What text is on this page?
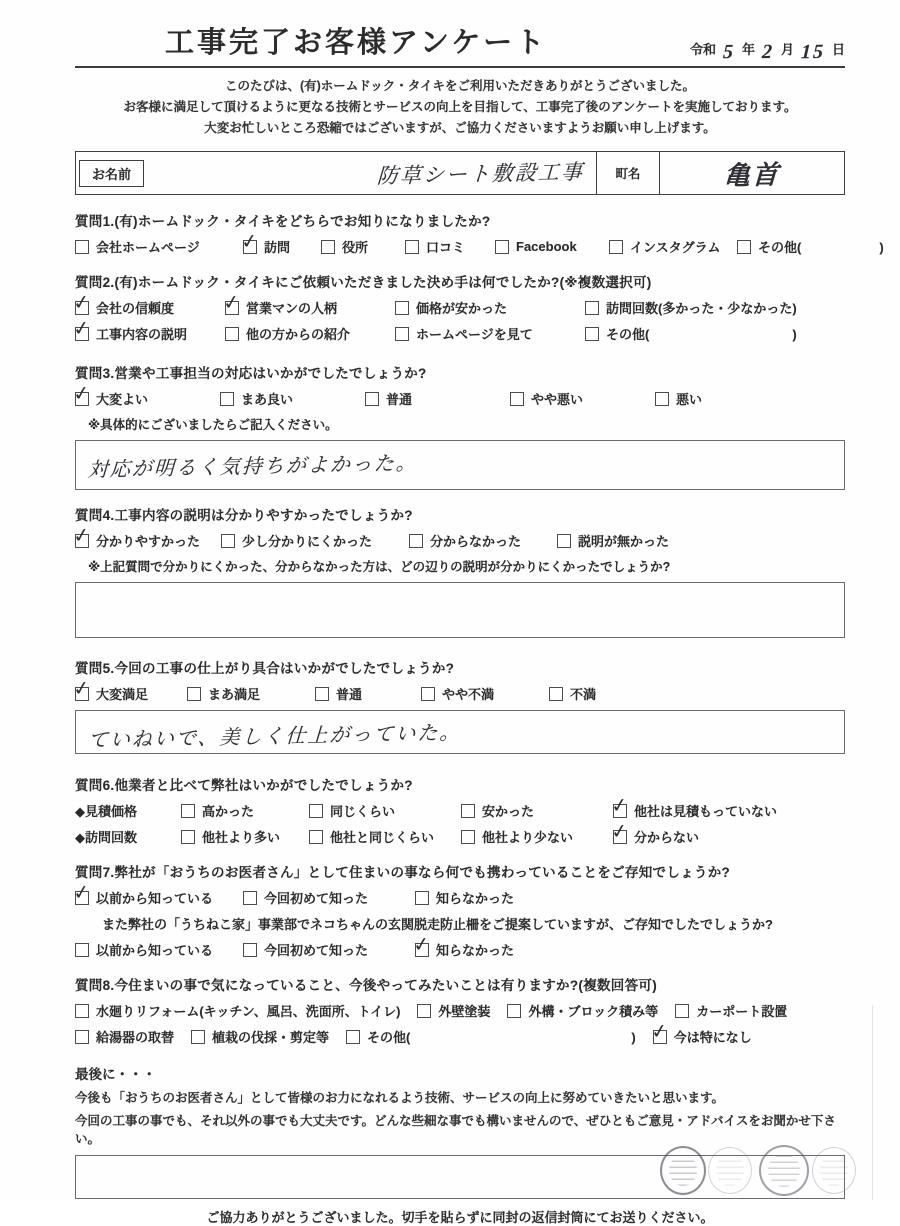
工事完了お客様アンケート	令和 5 年 2 月 15 日
このたびは、(有)ホームドック・タイキをご利用いただきありがとうございました。
お客様に満足して頂けるように更なる技術とサービスの向上を目指して、工事完了後のアンケートを実施しております。
大変お忙しいところ恐縮ではございますが、ご協力くださいますようお願い申し上げます。
お名前	防草シート敷設工事	町名	亀首
質問1.(有)ホームドック・タイキをどちらでお知りになりましたか?
会社ホームページ ✓ 訪問	役所	口コミ	Facebook	インスタグラム	その他(　　　　　　)
質問2.(有)ホームドック・タイキにご依頼いただきました決め手は何でしたか?(※複数選択可)
✓ 会社の信頼度 ✓ 営業マンの人柄	価格が安かった	訪問回数(多かった・少なかった)
✓ 工事内容の説明	他の方からの紹介	ホームページを見て	その他(　　　　　　　　　　　)
質問3.営業や工事担当の対応はいかがでしたでしょうか?
✓ 大変よい	まあ良い	普通	やや悪い	悪い
※具体的にございましたらご記入ください。
対応が明るく気持ちがよかった。
質問4.工事内容の説明は分かりやすかったでしょうか?
✓ 分かりやすかった	少し分かりにくかった	分からなかった	説明が無かった
※上記質問で分かりにくかった、分からなかった方は、どの辺りの説明が分かりにくかったでしょうか?
質問5.今回の工事の仕上がり具合はいかがでしたでしょうか?
✓ 大変満足	まあ満足	普通	やや不満	不満
ていねいで、美しく仕上がっていた。
質問6.他業者と比べて弊社はいかがでしたでしょうか?
◆見積価格	高かった	同じくらい	安かった	✓ 他社は見積もっていない
◆訪問回数	他社より多い	他社と同じくらい	他社より少ない ✓ 分からない
質問7.弊社が「おうちのお医者さん」として住まいの事なら何でも携わっていることをご存知でしょうか?
✓ 以前から知っている	今回初めて知った	知らなかった
また弊社の「うちねこ家」事業部でネコちゃんの玄関脱走防止柵をご提案していますが、ご存知でしたでしょうか?
以前から知っている	今回初めて知った ✓ 知らなかった
質問8.今住まいの事で気になっていること、今後やってみたいことは有りますか?(複数回答可)
水廻りリフォーム(キッチン、風呂、洗面所、トイレ)	外壁塗装	外構・ブロック積み等	カーポート設置
給湯器の取替	植栽の伐採・剪定等	その他(　　　　　　　　　　　　　　　　　) ✓ 今は特になし
最後に・・・
今後も「おうちのお医者さん」として皆様のお力になれるよう技術、サービスの向上に努めていきたいと思います。
今回の工事の事でも、それ以外の事でも大丈夫です。どんな些細な事でも構いませんので、ぜひともご意見・アドバイスをお聞かせ下さい。
ご協力ありがとうございました。切手を貼らずに同封の返信封筒にてお送りください。
